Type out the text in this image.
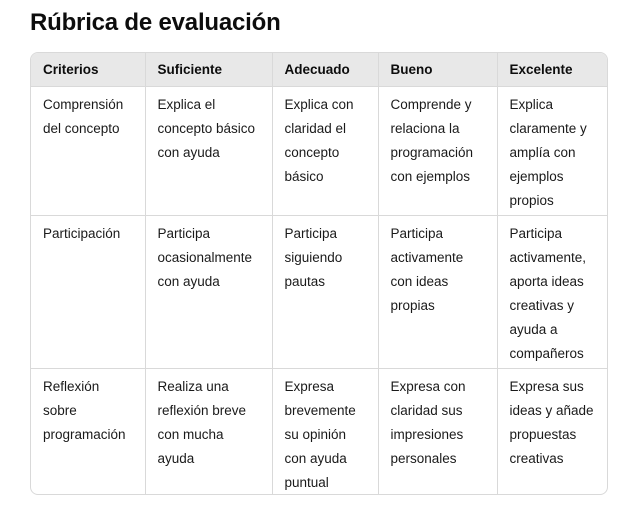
Rúbrica de evaluación
Criterios	Suficiente	Adecuado	Bueno	Excelente
Comprensión del concepto	Explica el concepto básico con ayuda	Explica con claridad el concepto básico	Comprende y relaciona la programación con ejemplos	Explica claramente y amplía con ejemplos propios
Participación	Participa ocasionalmente con ayuda	Participa siguiendo pautas	Participa activamente con ideas propias	Participa activamente, aporta ideas creativas y ayuda a compañeros
Reflexión sobre programación	Realiza una reflexión breve con mucha ayuda	Expresa brevemente su opinión con ayuda puntual	Expresa con claridad sus impresiones personales	Expresa sus ideas y añade propuestas creativas
